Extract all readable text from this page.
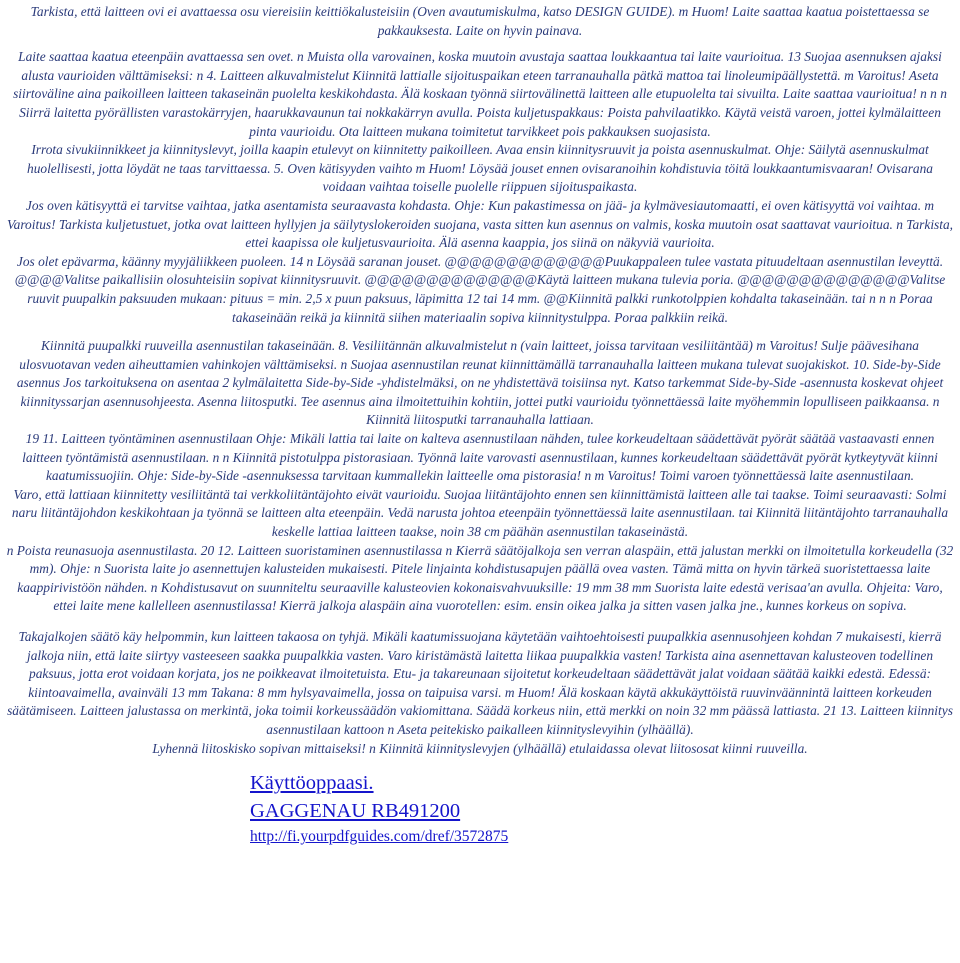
Tarkista, että laitteen ovi ei avattaessa osu viereisiin keittiökalusteisiin (Oven avautumiskulma, katso DESIGN GUIDE). m Huom! Laite saattaa kaatua poistettaessa se pakkauksesta. Laite on hyvin painava.

Laite saattaa kaatua eteenpäin avattaessa sen ovet. n Muista olla varovainen, koska muutoin avustaja saattaa loukkaantua tai laite vaurioitua. 13 Suojaa asennuksen ajaksi alusta vaurioiden välttämiseksi: n 4. Laitteen alkuvalmistelut Kiinnitä lattialle sijoituspaikan eteen tarranauhalla pätkä mattoa tai linoleumipäällystettä. m Varoitus! Aseta siirtoväline aina paikoilleen laitteen takaseinän puolelta keskikohdasta. Älä koskaan työnnä siirtovälinettä laitteen alle etupuolelta tai sivuilta. Laite saattaa vaurioitua! n n n Siirrä laitetta pyörällisten varastokärryjen, haarukkavaunun tai nokkakärryn avulla. Poista kuljetuspakkaus: Poista pahvilaatikko. Käytä veistä varoen, jottei kylmälaitteen pinta vaurioidu. Ota laitteen mukana toimitetut tarvikkeet pois pakkauksen suojasista.

Irrota sivukiinnikkeet ja kiinnityslevyt, joilla kaapin etulevyt on kiinnitetty paikoilleen. Avaa ensin kiinnitysruuvit ja poista asennuskulmat. Ohje: Säilytä asennuskulmat huolellisesti, jotta löydät ne taas tarvittaessa. 5. Oven kätisyyden vaihto m Huom! Löysää jouset ennen ovisaranoihin kohdistuvia töitä loukkaantumisvaaran! Ovisarana voidaan vaihtaa toiselle puolelle riippuen sijoituspaikasta.

Jos oven kätisyyttä ei tarvitse vaihtaa, jatka asentamista seuraavasta kohdasta. Ohje: Kun pakastimessa on jää- ja kylmävesiautomaatti, ei oven kätisyyttä voi vaihtaa. m Varoitus! Tarkista kuljetustuet, jotka ovat laitteen hyllyjen ja säilytyslokeroiden suojana, vasta sitten kun asennus on valmis, koska muutoin osat saattavat vaurioitua. n Tarkista, ettei kaapissa ole kuljetusvaurioita. Älä asenna kaappia, jos siinä on näkyviä vaurioita.

Jos olet epävarma, käänny myyjäliikkeen puoleen. 14 n Löysää saranan jouset. @@@@@@@@@@@@@Puukappaleen tulee vastata pituudeltaan asennustilan leveyttä. @@@@Valitse paikallisiin olosuhteisiin sopivat kiinnitysruuvit. @@@@@@@@@@@@@@Käytä laitteen mukana tulevia poria. @@@@@@@@@@@@@@Valitse ruuvit puupalkin paksuuden mukaan: pituus = min. 2,5 x puun paksuus, läpimitta 12 tai 14 mm. @@Kiinnitä palkki runkotolppien kohdalta takaseinään. tai n n n Poraa takaseinään reikä ja kiinnitä siihen materiaalin sopiva kiinnitystulppa. Poraa palkkiin reikä.

Kiinnitä puupalkki ruuveilla asennustilan takaseinään. 8. Vesiliitännän alkuvalmistelut n (vain laitteet, joissa tarvitaan vesiliitäntää) m Varoitus! Sulje päävesihana ulosvuotavan veden aiheuttamien vahinkojen välttämiseksi. n Suojaa asennustilan reunat kiinnittämällä tarranauhalla laitteen mukana tulevat suojakiskot. 10. Side-by-Side asennus Jos tarkoituksena on asentaa 2 kylmälaitetta Side-by-Side -yhdistelmäksi, on ne yhdistettävä toisiinsa nyt. Katso tarkemmat Side-by-Side -asennusta koskevat ohjeet kiinnityssarjan asennusohjeesta. Asenna liitosputki. Tee asennus aina ilmoitettuihin kohtiin, jottei putki vaurioidu työnnettäessä laite myöhemmin lopulliseen paikkaansa. n Kiinnitä liitosputki tarranauhalla lattiaan.

19 11. Laitteen työntäminen asennustilaan Ohje: Mikäli lattia tai laite on kalteva asennustilaan nähden, tulee korkeudeltaan säädettävät pyörät säätää vastaavasti ennen laitteen työntämistä asennustilaan. n n Kiinnitä pistotulppa pistorasiaan. Työnnä laite varovasti asennustilaan, kunnes korkeudeltaan säädettävät pyörät kytkeytyvät kiinni kaatumissuojiin. Ohje: Side-by-Side -asennuksessa tarvitaan kummallekin laitteelle oma pistorasia! n m Varoitus! Toimi varoen työnnettäessä laite asennustilaan.

Varo, että lattiaan kiinnitetty vesiliitäntä tai verkkoliitäntäjohto eivät vaurioidu. Suojaa liitäntäjohto ennen sen kiinnittämistä laitteen alle tai taakse. Toimi seuraavasti: Solmi naru liitäntäjohdon keskikohtaan ja työnnä se laitteen alta eteenpäin. Vedä narusta johtoa eteenpäin työnnettäessä laite asennustilaan. tai Kiinnitä liitäntäjohto tarranauhalla keskelle lattiaa laitteen taakse, noin 38 cm päähän asennustilan takaseinästä.

n Poista reunasuoja asennustilasta. 20 12. Laitteen suoristaminen asennustilassa n Kierrä säätöjalkoja sen verran alaspäin, että jalustan merkki on ilmoitetulla korkeudella (32 mm). Ohje: n Suorista laite jo asennettujen kalusteiden mukaisesti. Pitele linjainta kohdistusapujen päällä ovea vasten. Tämä mitta on hyvin tärkeä suoristettaessa laite kaappirivistöön nähden. n Kohdistusavut on suunniteltu seuraaville kalusteovien kokonaisvahvuuksille: 19 mm 38 mm Suorista laite edestä verisaa'an avulla. Ohjeita: Varo, ettei laite mene kallelleen asennustilassa! Kierrä jalkoja alaspäin aina vuorotellen: esim. ensin oikea jalka ja sitten vasen jalka jne., kunnes korkeus on sopiva.

Takajalkojen säätö käy helpommin, kun laitteen takaosa on tyhjä. Mikäli kaatumissuojana käytetään vaihtoehtoisesti puupalkkia asennusohjeen kohdan 7 mukaisesti, kierrä jalkoja niin, että laite siirtyy vasteeseen saakka puupalkkia vasten. Varo kiristämästä laitetta liikaa puupalkkia vasten! Tarkista aina asennettavan kalusteoven todellinen paksuus, jotta erot voidaan korjata, jos ne poikkeavat ilmoitetuista. Etu- ja takareunaan sijoitetut korkeudeltaan säädettävät jalat voidaan säätää kaikki edestä. Edessä: kiintoavaimella, avainväli 13 mm Takana: 8 mm hylsyavaimella, jossa on taipuisa varsi. m Huom! Älä koskaan käytä akkukäyttöistä ruuvinväännintä laitteen korkeuden säätämiseen. Laitteen jalustassa on merkintä, joka toimii korkeussäädön vakiomittana. Säädä korkeus niin, että merkki on noin 32 mm päässä lattiasta. 21 13. Laitteen kiinnitys asennustilaan kattoon n Aseta peitekisko paikalleen kiinnityslevyihin (ylhäällä).

Lyhennä liitoskisko sopivan mittaiseksi! n Kiinnitä kiinnityslevyjen (ylhäällä) etulaidassa olevat liitososat kiinni ruuveilla.

Käyttöoppaasi.
GAGGENAU RB491200
http://fi.yourpdfguides.com/dref/3572875
